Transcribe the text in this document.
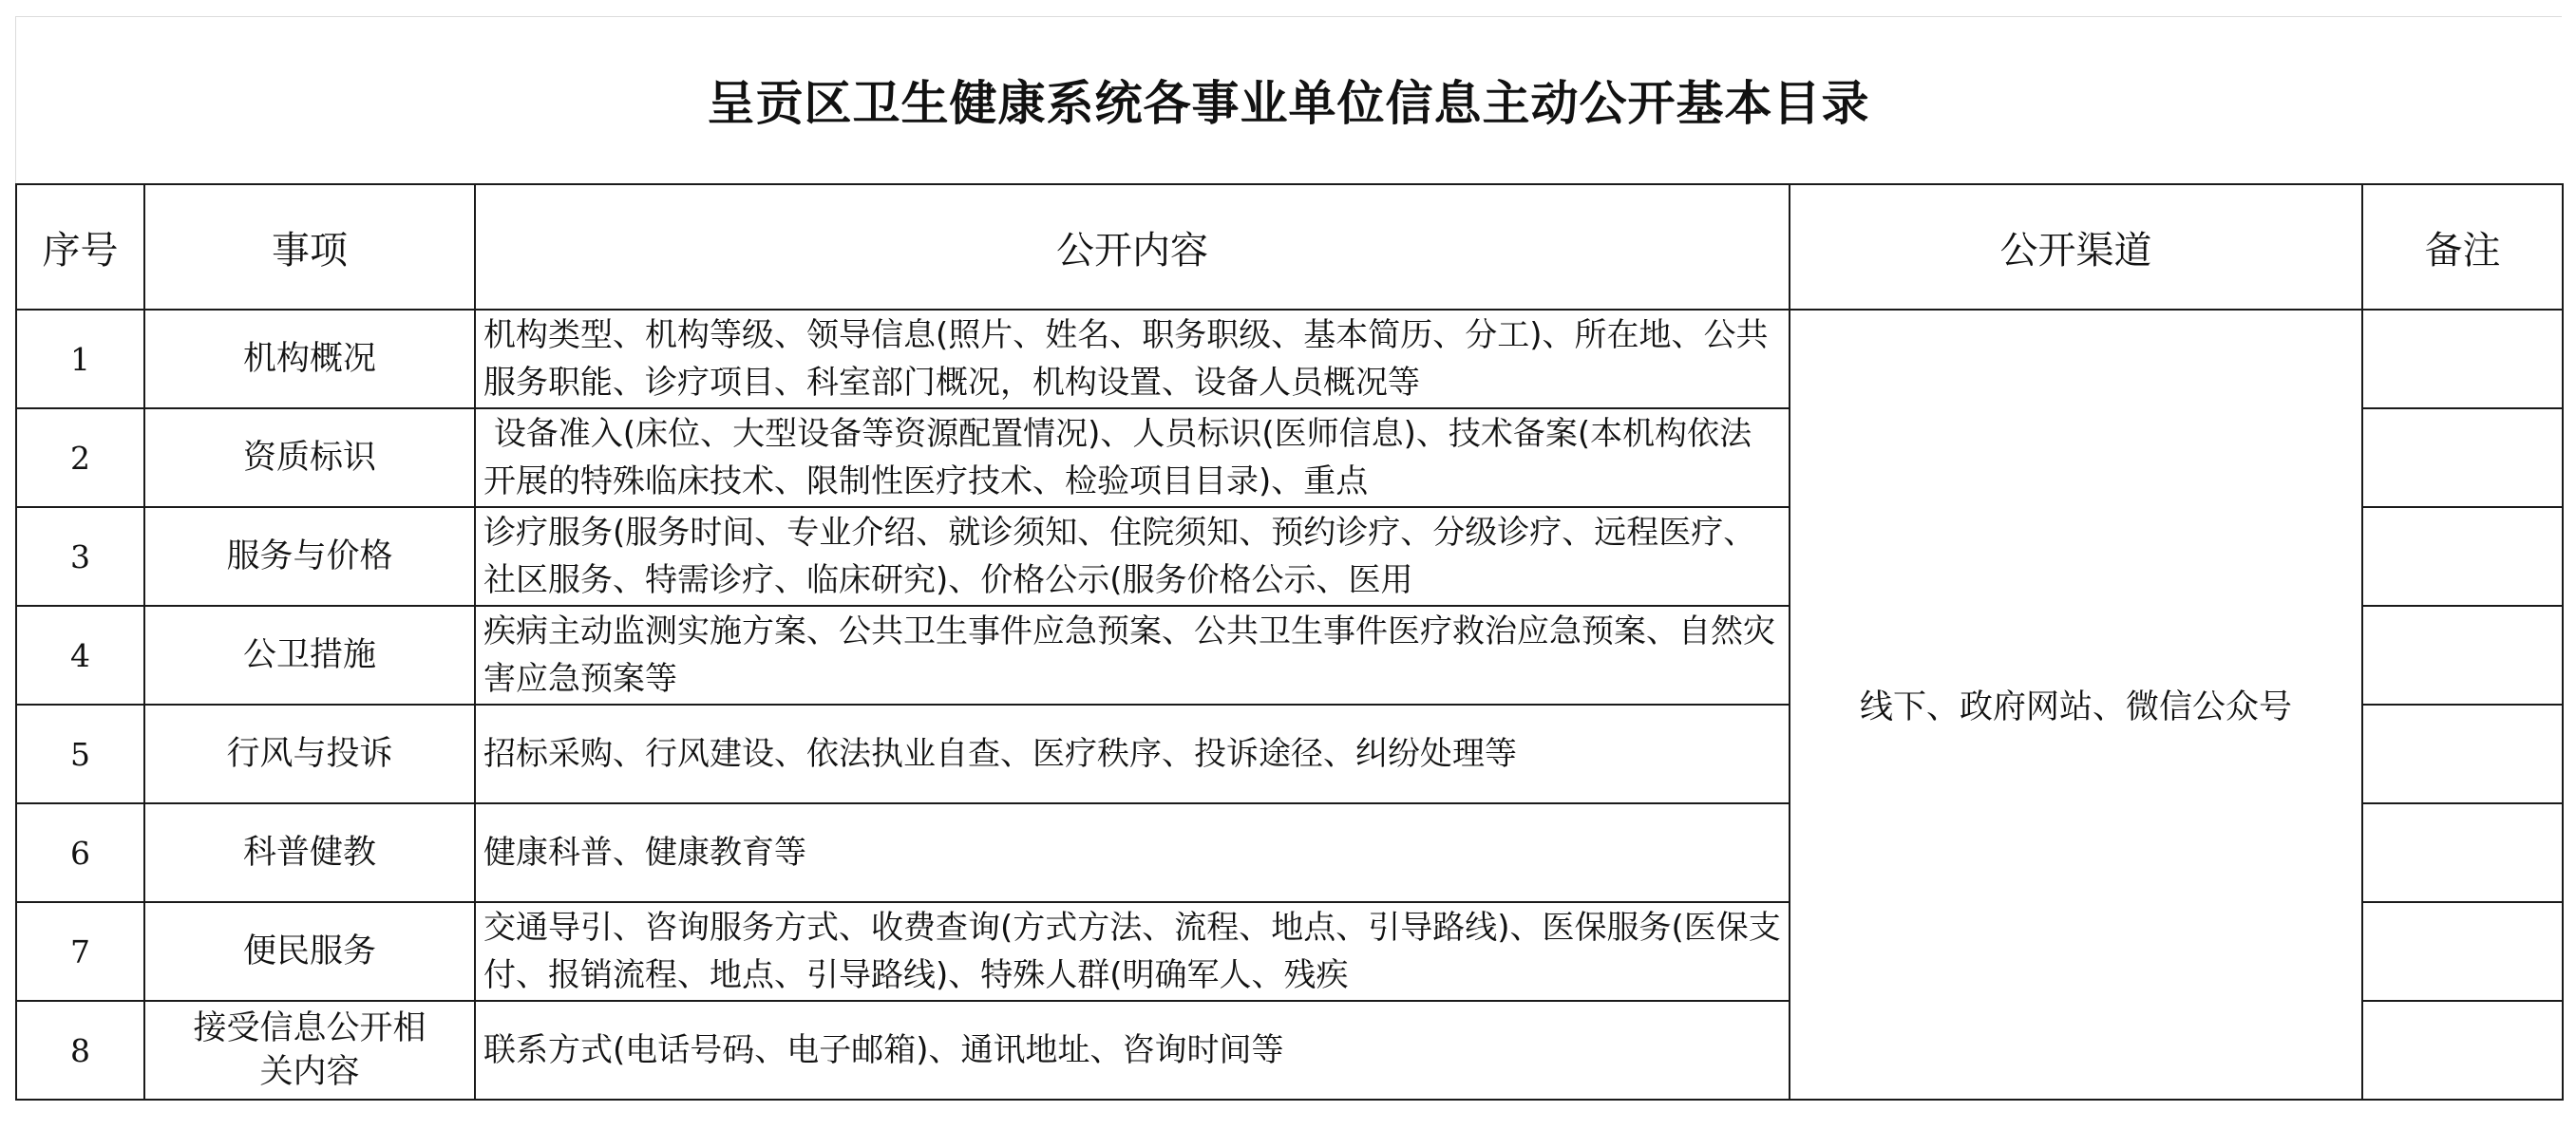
呈贡区卫生健康系统各事业单位信息主动公开基本目录
序号	事项	公开内容	公开渠道	备注
1	机构概况	机构类型、机构等级、领导信息(照片、姓名、职务职级、基本简历、分工)、所在地、公共服务职能、诊疗项目、科室部门概况，机构设置、设备人员概况等	线下、政府网站、微信公众号	
2	资质标识	设备准入(床位、大型设备等资源配置情况)、人员标识(医师信息)、技术备案(本机构依法开展的特殊临床技术、限制性医疗技术、检验项目目录)、重点		

3	服务与价格	诊疗服务(服务时间、专业介绍、就诊须知、住院须知、预约诊疗、分级诊疗、远程医疗、社区服务、特需诊疗、临床研究)、价格公示(服务价格公示、医用		

4	公卫措施	疾病主动监测实施方案、公共卫生事件应急预案、公共卫生事件医疗救治应急预案、自然灾害应急预案等		

5	行风与投诉	招标采购、行风建设、依法执业自查、医疗秩序、投诉途径、纠纷处理等		

6	科普健教	健康科普、健康教育等		

7	便民服务	交通导引、咨询服务方式、收费查询(方式方法、流程、地点、引导路线)、医保服务(医保支付、报销流程、地点、引导路线)、特殊人群(明确军人、残疾		

8	接受信息公开相关内容	联系方式(电话号码、电子邮箱)、通讯地址、咨询时间等		
